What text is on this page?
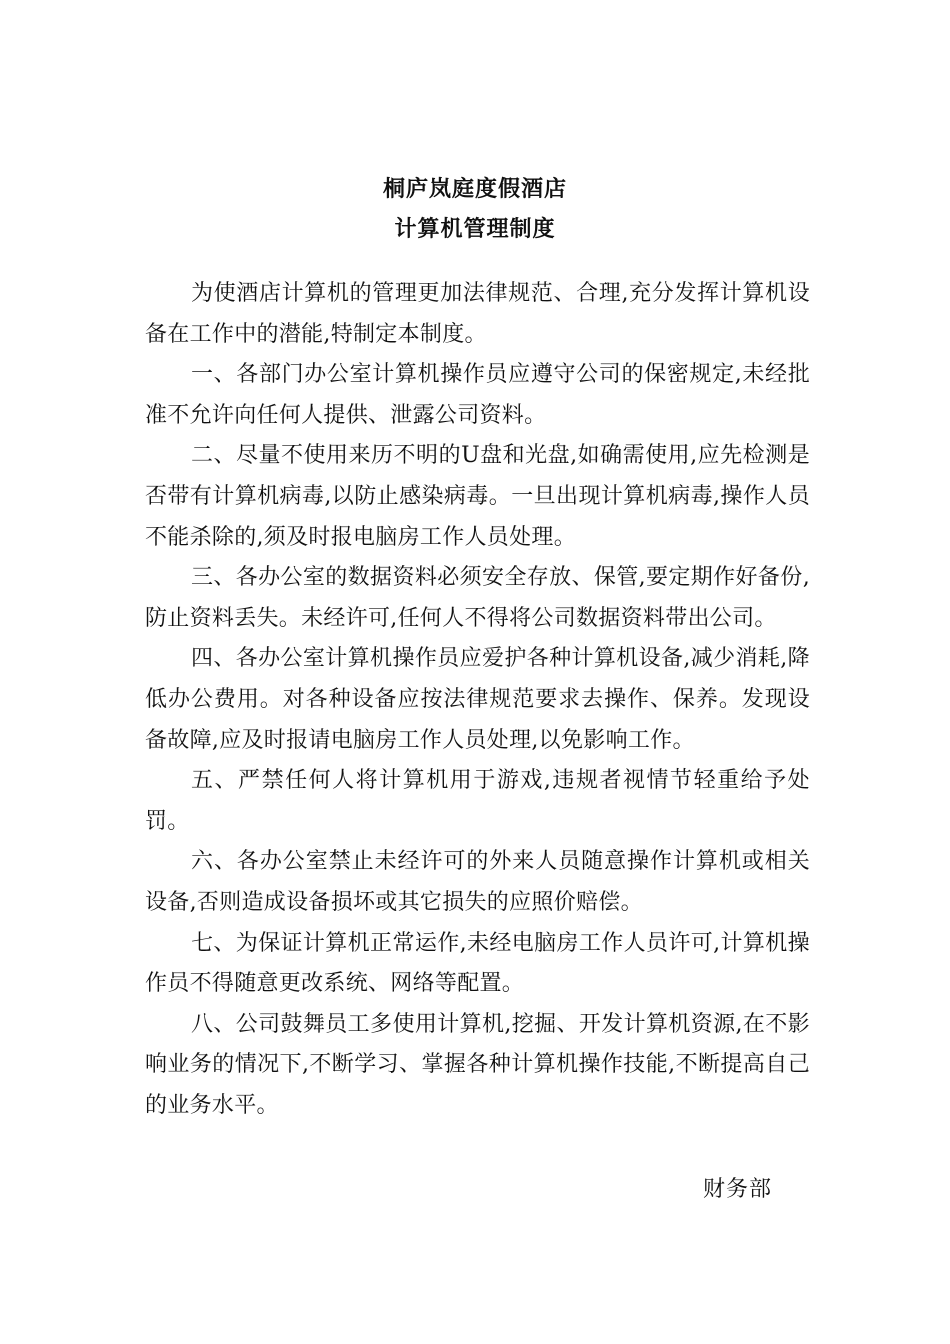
桐庐岚庭度假酒店
计算机管理制度

为使酒店计算机的管理更加法律规范、合理,充分发挥计算机设备在工作中的潜能,特制定本制度。

一、各部门办公室计算机操作员应遵守公司的保密规定,未经批准不允许向任何人提供、泄露公司资料。

二、尽量不使用来历不明的U盘和光盘,如确需使用,应先检测是否带有计算机病毒,以防止感染病毒。一旦出现计算机病毒,操作人员不能杀除的,须及时报电脑房工作人员处理。

三、各办公室的数据资料必须安全存放、保管,要定期作好备份,防止资料丢失。未经许可,任何人不得将公司数据资料带出公司。

四、各办公室计算机操作员应爱护各种计算机设备,减少消耗,降低办公费用。对各种设备应按法律规范要求去操作、保养。发现设备故障,应及时报请电脑房工作人员处理,以免影响工作。

五、严禁任何人将计算机用于游戏,违规者视情节轻重给予处罚。

六、各办公室禁止未经许可的外来人员随意操作计算机或相关设备,否则造成设备损坏或其它损失的应照价赔偿。

七、为保证计算机正常运作,未经电脑房工作人员许可,计算机操作员不得随意更改系统、网络等配置。

八、公司鼓舞员工多使用计算机,挖掘、开发计算机资源,在不影响业务的情况下,不断学习、掌握各种计算机操作技能,不断提高自己的业务水平。

财务部
